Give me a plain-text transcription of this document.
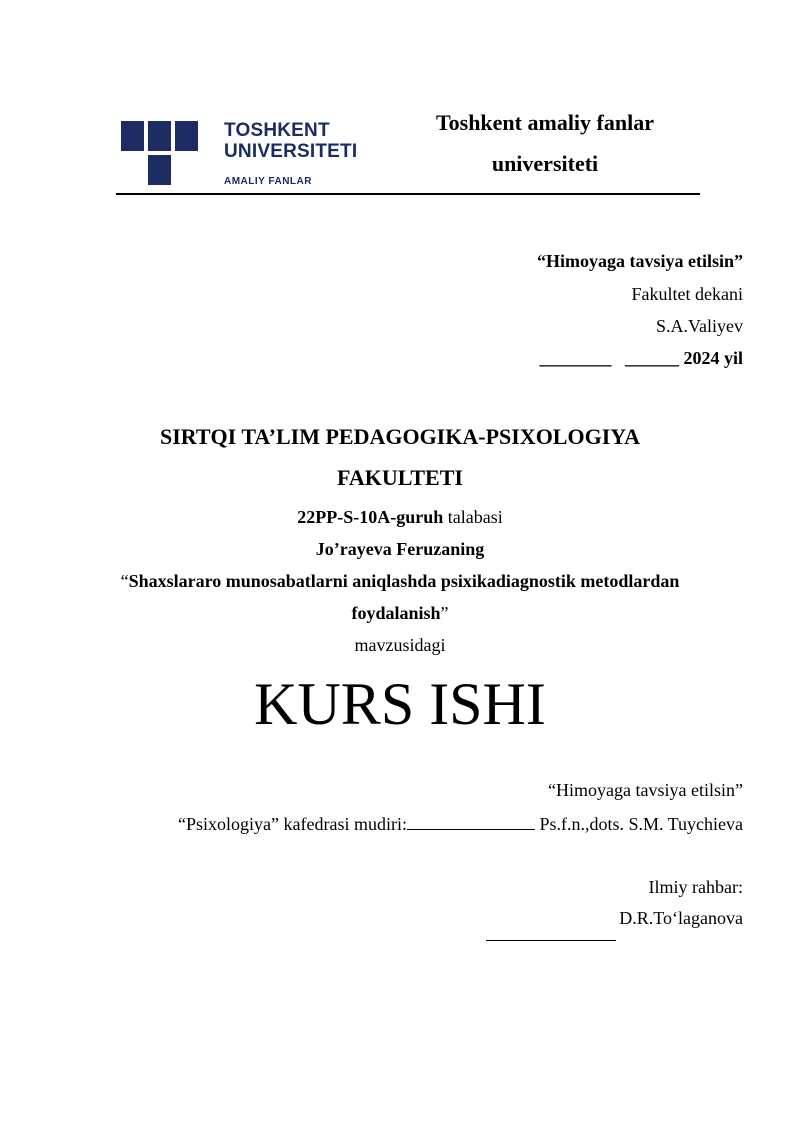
TOSHKENT
UNIVERSITETI
AMALIY FANLAR
Toshkent amaliy fanlar
universiteti
“Himoyaga tavsiya etilsin”
Fakultet dekani
S.A.Valiyev
________ ______ 2024 yil
SIRTQI TA’LIM PEDAGOGIKA-PSIXOLOGIYA
FAKULTETI
22PP-S-10A-guruh talabasi
Jo’rayeva Feruzaning
“Shaxslararo munosabatlarni aniqlashda psixikadiagnostik metodlardan
foydalanish”
mavzusidagi
KURS ISHI
“Himoyaga tavsiya etilsin”
“Psixologiya” kafedrasi mudiri:	Ps.f.n.,dots. S.M. Tuychieva
Ilmiy rahbar:
D.R.To‘laganova
